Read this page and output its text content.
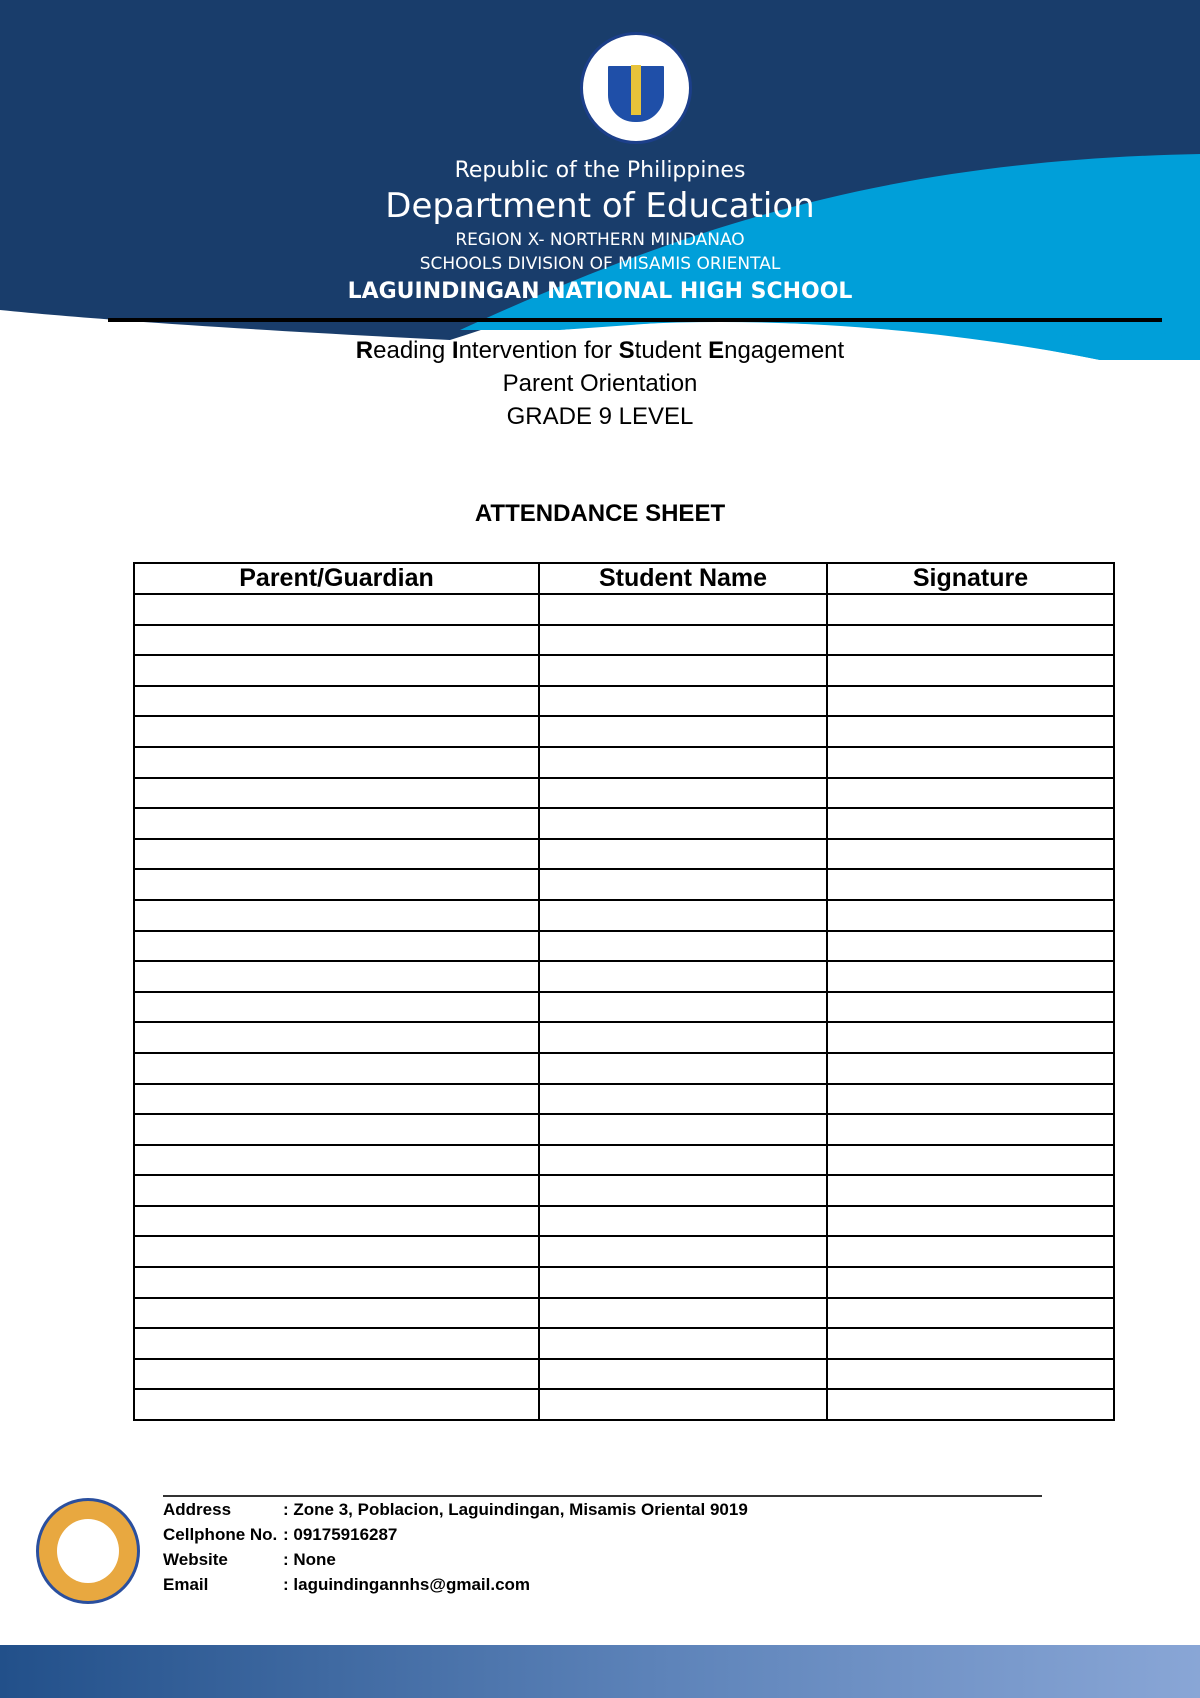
Republic of the Philippines
Department of Education
REGION X- NORTHERN MINDANAO
SCHOOLS DIVISION OF MISAMIS ORIENTAL
LAGUINDINGAN NATIONAL HIGH SCHOOL
Reading Intervention for Student Engagement
Parent Orientation
GRADE 9 LEVEL
ATTENDANCE SHEET
Parent/Guardian	Student Name	Signature

Address	: Zone 3, Poblacion, Laguindingan, Misamis Oriental 9019
Cellphone No. : 09175916287
Website	: None
Email	: laguindingannhs@gmail.com
